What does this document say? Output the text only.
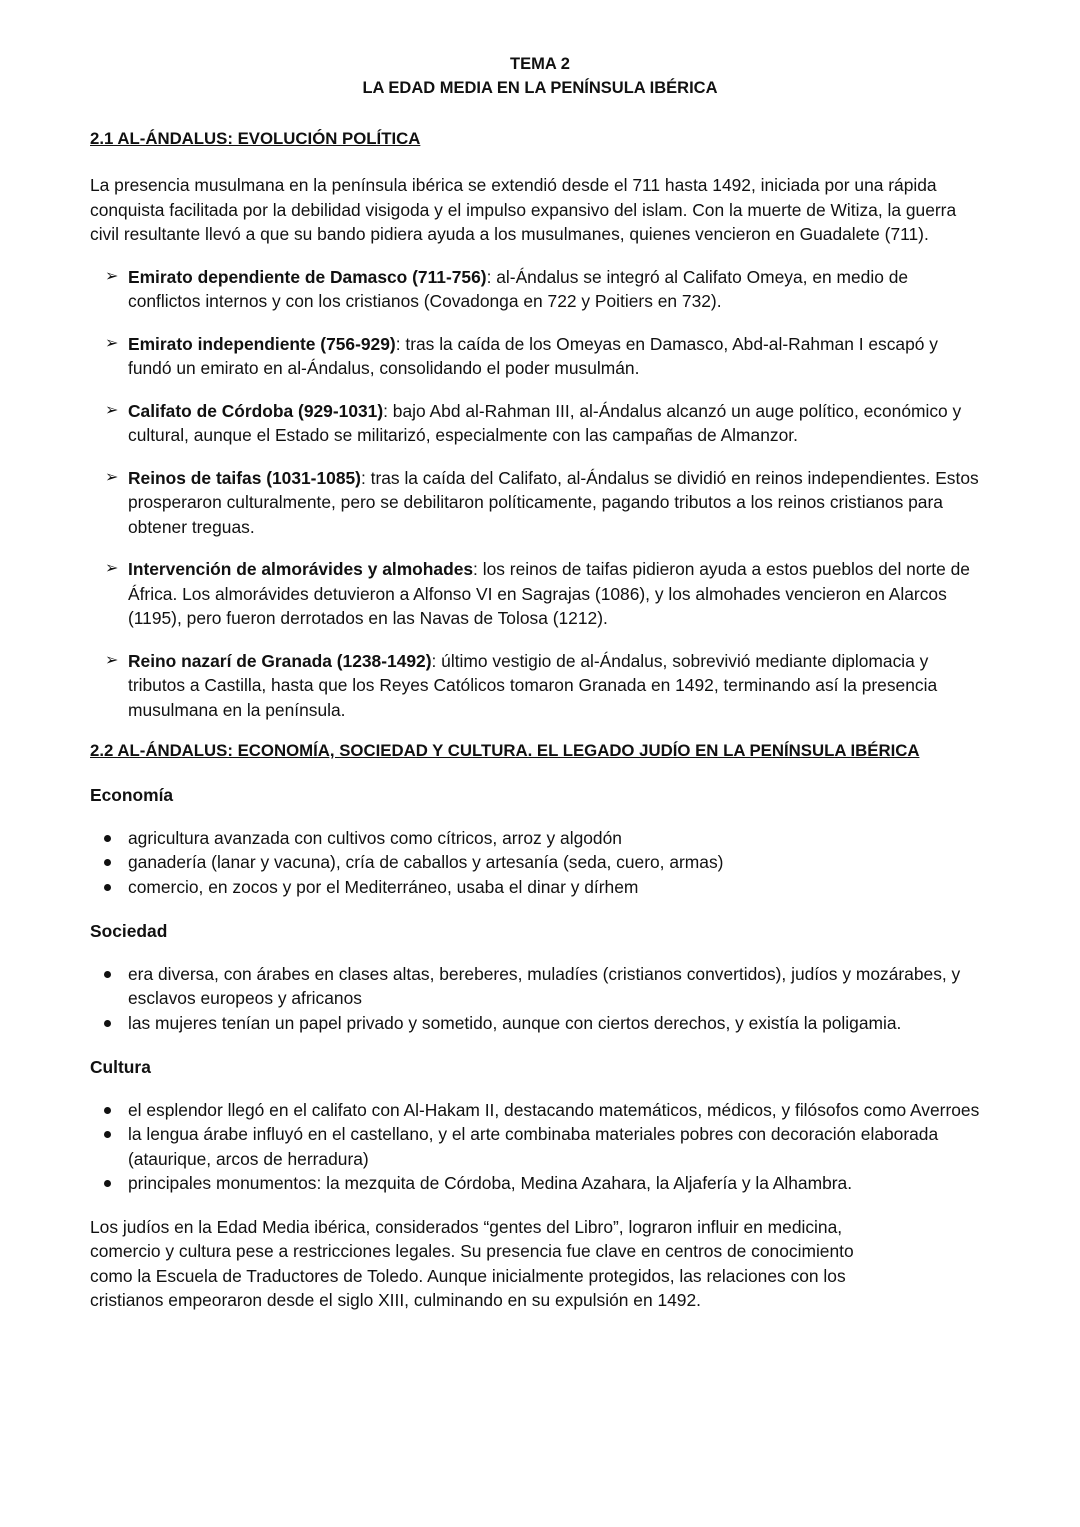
TEMA 2
LA EDAD MEDIA EN LA PENÍNSULA IBÉRICA
2.1 AL-ÁNDALUS: EVOLUCIÓN POLÍTICA

La presencia musulmana en la península ibérica se extendió desde el 711 hasta 1492, iniciada por una rápida conquista facilitada por la debilidad visigoda y el impulso expansivo del islam. Con la muerte de Witiza, la guerra civil resultante llevó a que su bando pidiera ayuda a los musulmanes, quienes vencieron en Guadalete (711).

➢ Emirato dependiente de Damasco (711-756): al-Ándalus se integró al Califato Omeya, en medio de conflictos internos y con los cristianos (Covadonga en 722 y Poitiers en 732).
➢ Emirato independiente (756-929): tras la caída de los Omeyas en Damasco, Abd-al-Rahman I escapó y fundó un emirato en al-Ándalus, consolidando el poder musulmán.
➢ Califato de Córdoba (929-1031): bajo Abd al-Rahman III, al-Ándalus alcanzó un auge político, económico y cultural, aunque el Estado se militarizó, especialmente con las campañas de Almanzor.
➢ Reinos de taifas (1031-1085): tras la caída del Califato, al-Ándalus se dividió en reinos independientes. Estos prosperaron culturalmente, pero se debilitaron políticamente, pagando tributos a los reinos cristianos para obtener treguas.
➢ Intervención de almorávides y almohades: los reinos de taifas pidieron ayuda a estos pueblos del norte de África. Los almorávides detuvieron a Alfonso VI en Sagrajas (1086), y los almohades vencieron en Alarcos (1195), pero fueron derrotados en las Navas de Tolosa (1212).
➢ Reino nazarí de Granada (1238-1492): último vestigio de al-Ándalus, sobrevivió mediante diplomacia y tributos a Castilla, hasta que los Reyes Católicos tomaron Granada en 1492, terminando así la presencia musulmana en la península.
2.2 AL-ÁNDALUS: ECONOMÍA, SOCIEDAD Y CULTURA. EL LEGADO JUDÍO EN LA PENÍNSULA IBÉRICA
Economía
agricultura avanzada con cultivos como cítricos, arroz y algodón
ganadería (lanar y vacuna), cría de caballos y artesanía (seda, cuero, armas)
comercio, en zocos y por el Mediterráneo, usaba el dinar y dírhem
Sociedad
era diversa, con árabes en clases altas, bereberes, muladíes (cristianos convertidos), judíos y mozárabes, y esclavos europeos y africanos
las mujeres tenían un papel privado y sometido, aunque con ciertos derechos, y existía la poligamia.
Cultura
el esplendor llegó en el califato con Al-Hakam II, destacando matemáticos, médicos, y filósofos como Averroes
la lengua árabe influyó en el castellano, y el arte combinaba materiales pobres con decoración elaborada (ataurique, arcos de herradura)
principales monumentos: la mezquita de Córdoba, Medina Azahara, la Aljafería y la Alhambra.

Los judíos en la Edad Media ibérica, considerados “gentes del Libro”, lograron influir en medicina, comercio y cultura pese a restricciones legales. Su presencia fue clave en centros de conocimiento como la Escuela de Traductores de Toledo. Aunque inicialmente protegidos, las relaciones con los cristianos empeoraron desde el siglo XIII, culminando en su expulsión en 1492.
